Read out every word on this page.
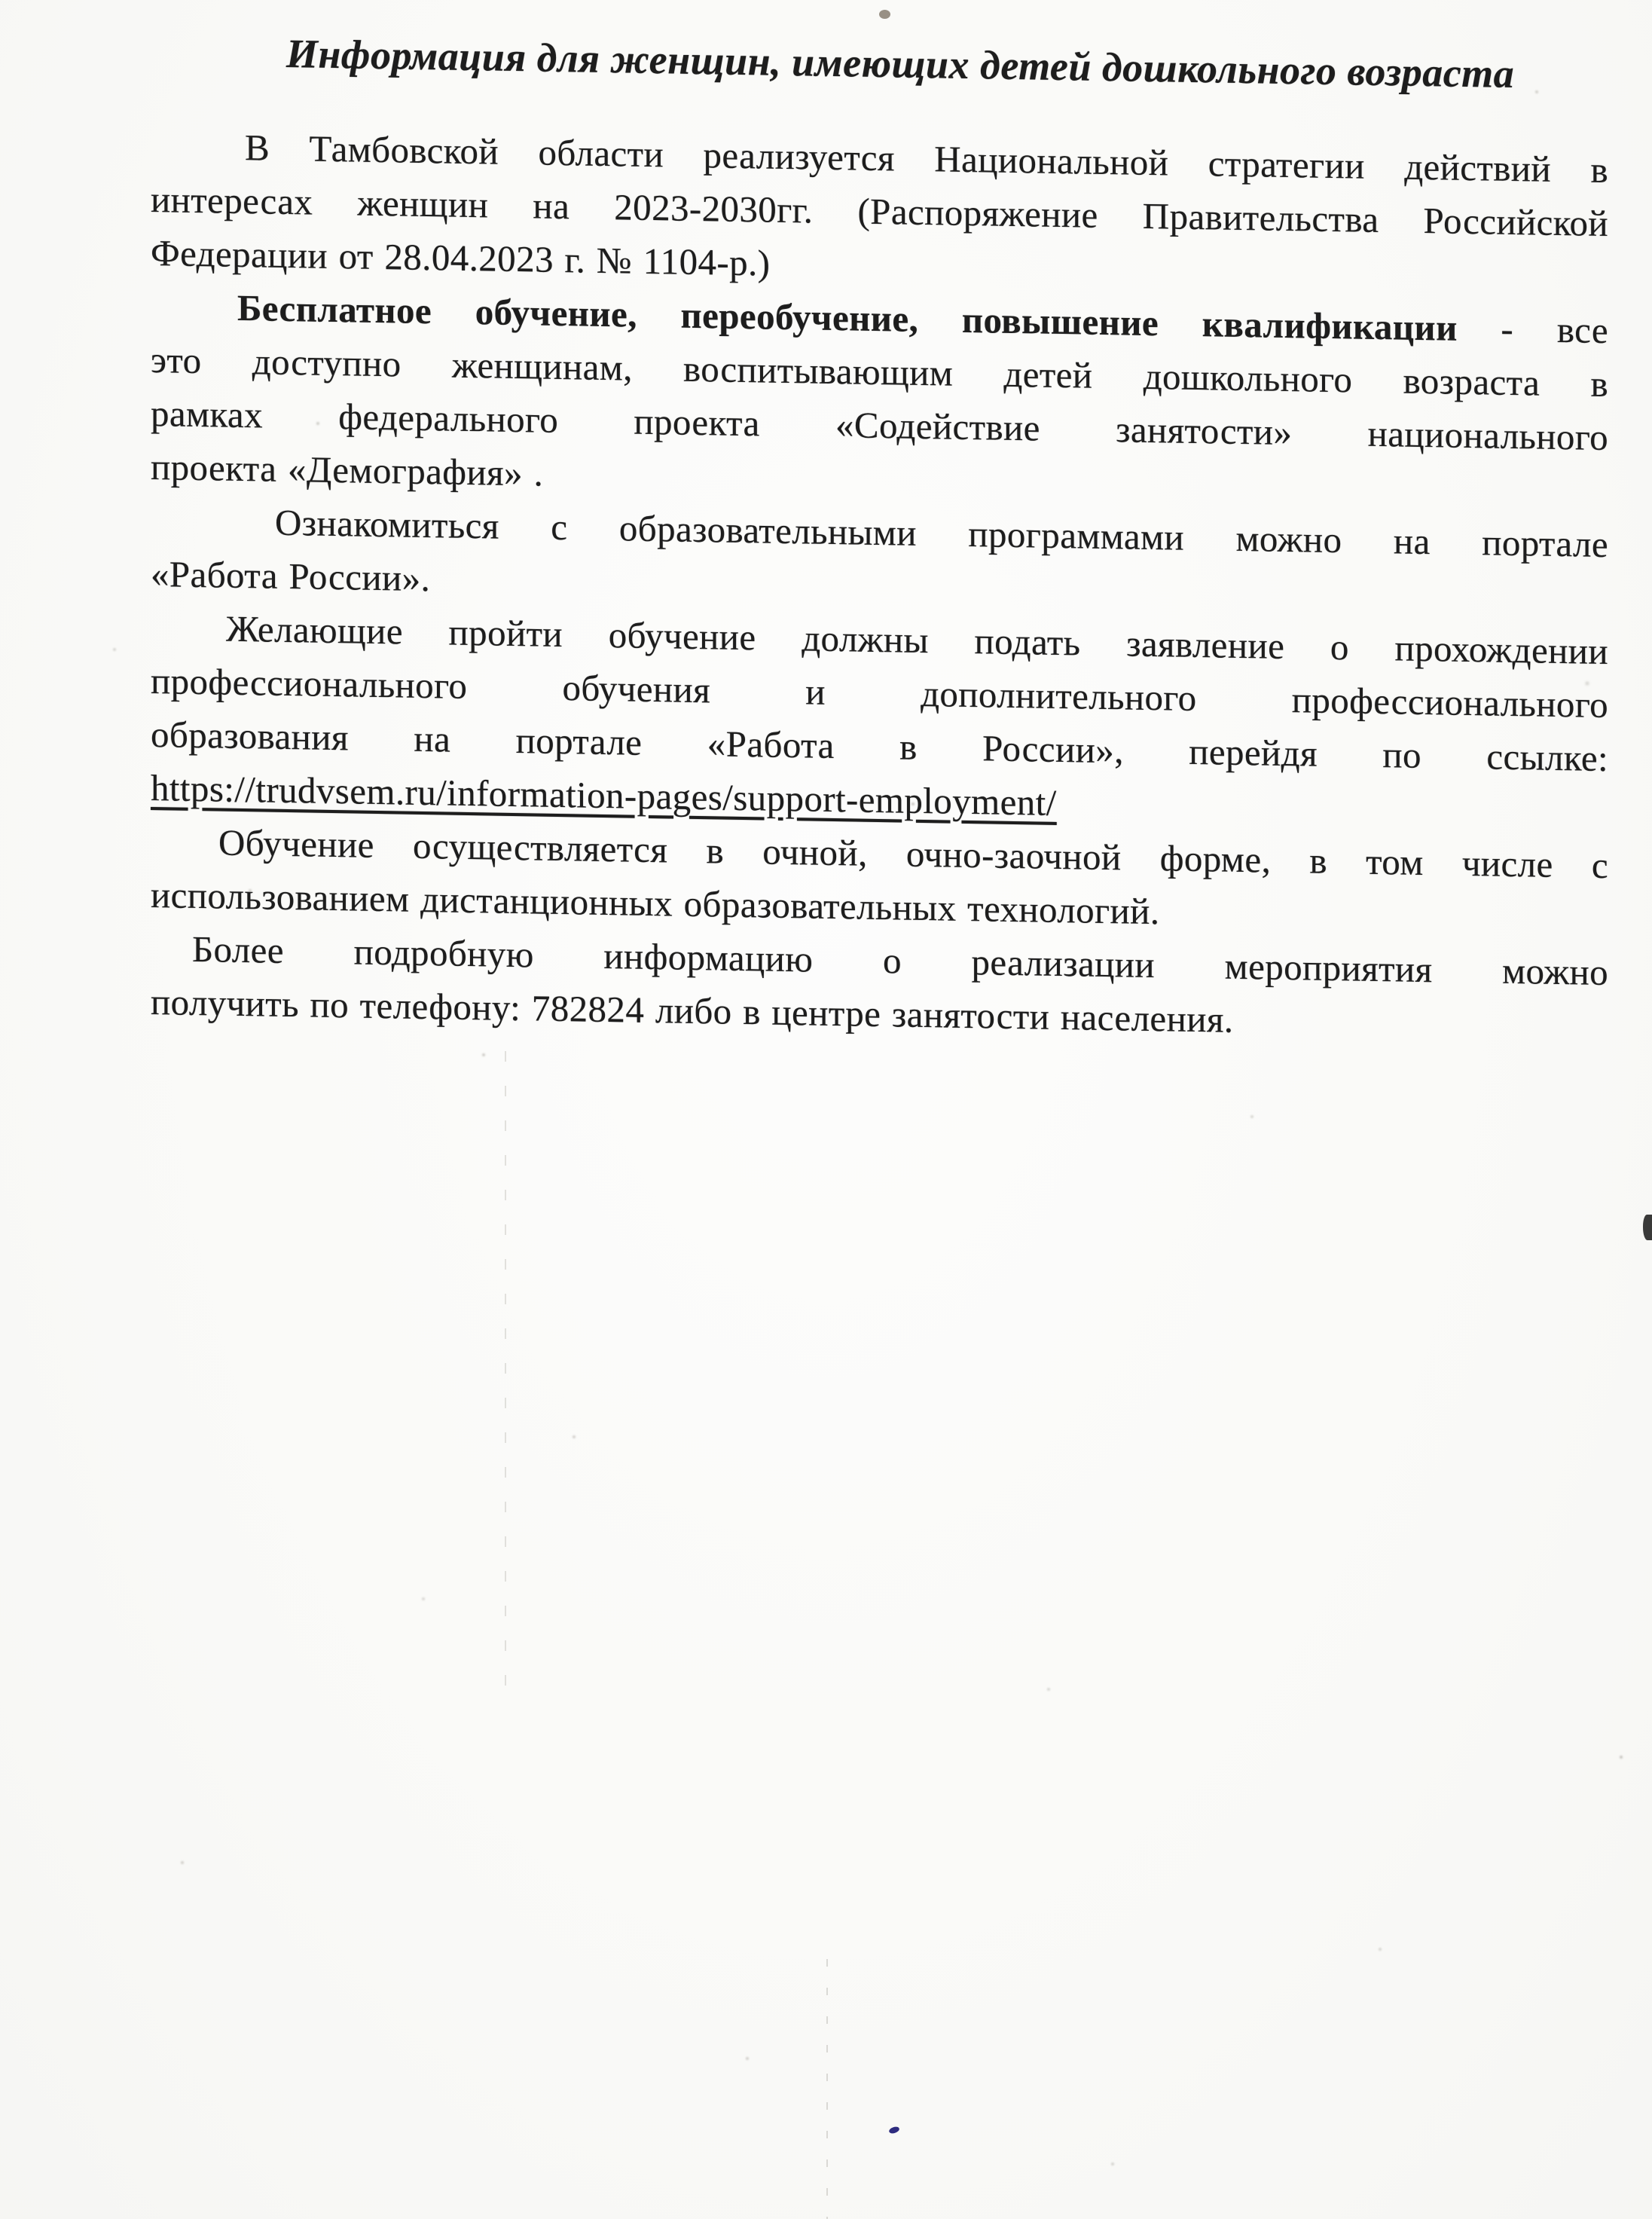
Информация для женщин, имеющих детей дошкольного возраста
В Тамбовской области реализуется Национальной стратегии действий в
интересах женщин на 2023-2030гг. (Распоряжение Правительства Российской
Федерации от 28.04.2023 г. № 1104-р.)
Бесплатное обучение, переобучение, повышение квалификации - все
это доступно женщинам, воспитывающим детей дошкольного возраста в
рамках федерального проекта «Содействие занятости» национального
проекта «Демография» .
Ознакомиться с образовательными программами можно на портале
«Работа России».
Желающие пройти обучение должны подать заявление о прохождении
профессионального обучения и дополнительного профессионального
образования на портале «Работа в России», перейдя по ссылке:
https://trudvsem.ru/information-pages/support-employment/
Обучение осуществляется в очной, очно-заочной форме, в том числе с
использованием дистанционных образовательных технологий.
Более подробную информацию о реализации мероприятия можно
получить по телефону: 782824 либо в центре занятости населения.
